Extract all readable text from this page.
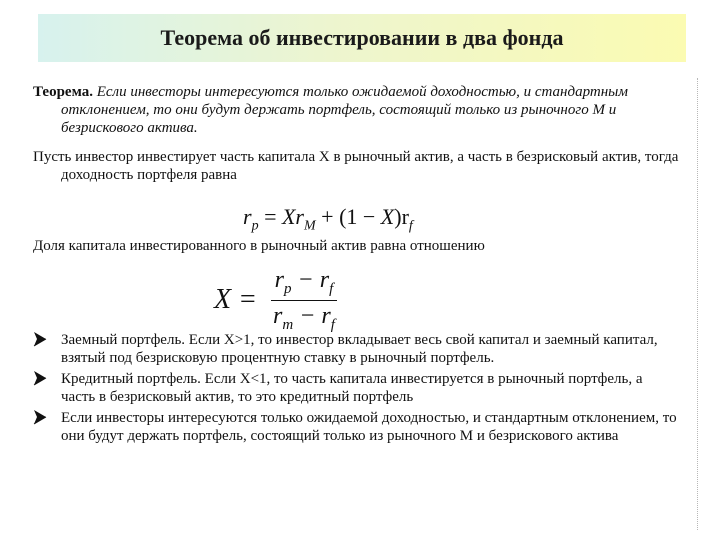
Теорема об инвестировании в два фонда

Теорема. Если инвесторы интересуются только ожидаемой доходностью, и стандартным отклонением, то они будут держать портфель, состоящий только из рыночного М и безрискового актива.

Пусть инвестор инвестирует часть капитала Х в рыночный актив, а часть в безрисковый актив, тогда доходность портфеля равна

$r_p = Xr_M + (1 - X)r_f$

Доля капитала инвестированного в рыночный актив равна отношению

$X = \frac{r_p - r_f}{r_m - r_f}$
Заемный портфель. Если X>1, то инвестор вкладывает весь свой капитал и заемный капитал, взятый под безрисковую процентную ставку в рыночный портфель.
Кредитный портфель. Если X<1, то часть капитала инвестируется в рыночный портфель, а часть в безрисковый актив, то это кредитный портфель
Если инвесторы интересуются только ожидаемой доходностью, и стандартным отклонением, то они будут держать портфель, состоящий только из рыночного М и безрискового актива
